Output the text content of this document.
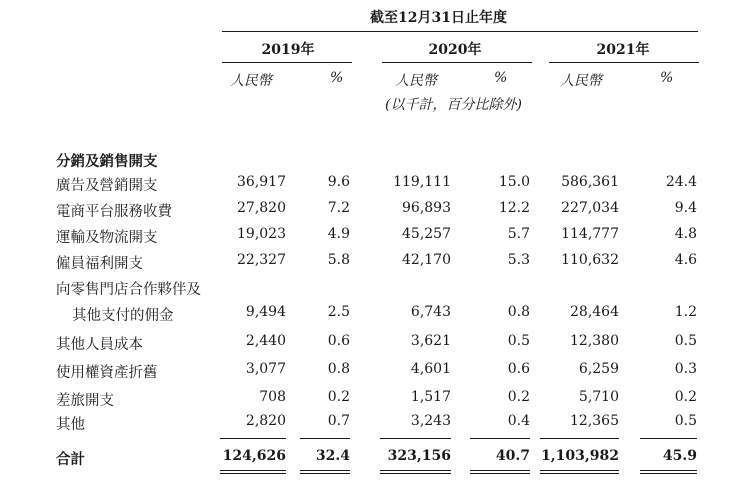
截至12月31日止年度
2019年	2020年	2021年
人民幣	%	人民幣	%	人民幣	%
(以千計，百分比除外)
分銷及銷售開支
廣告及營銷開支	36,917	9.6	119,111	15.0	586,361	24.4
電商平台服務收費	27,820	7.2	96,893	12.2	227,034	9.4
運輸及物流開支	19,023	4.9	45,257	5.7	114,777	4.8
僱員福利開支	22,327	5.8	42,170	5.3	110,632	4.6
向零售門店合作夥伴及
其他支付的佣金	9,494	2.5	6,743	0.8	28,464	1.2
其他人員成本	2,440	0.6	3,621	0.5	12,380	0.5
使用權資產折舊	3,077	0.8	4,601	0.6	6,259	0.3
差旅開支	708	0.2	1,517	0.2	5,710	0.2
其他	2,820	0.7	3,243	0.4	12,365	0.5
合計	124,626	32.4	323,156	40.7 1,103,982	45.9
